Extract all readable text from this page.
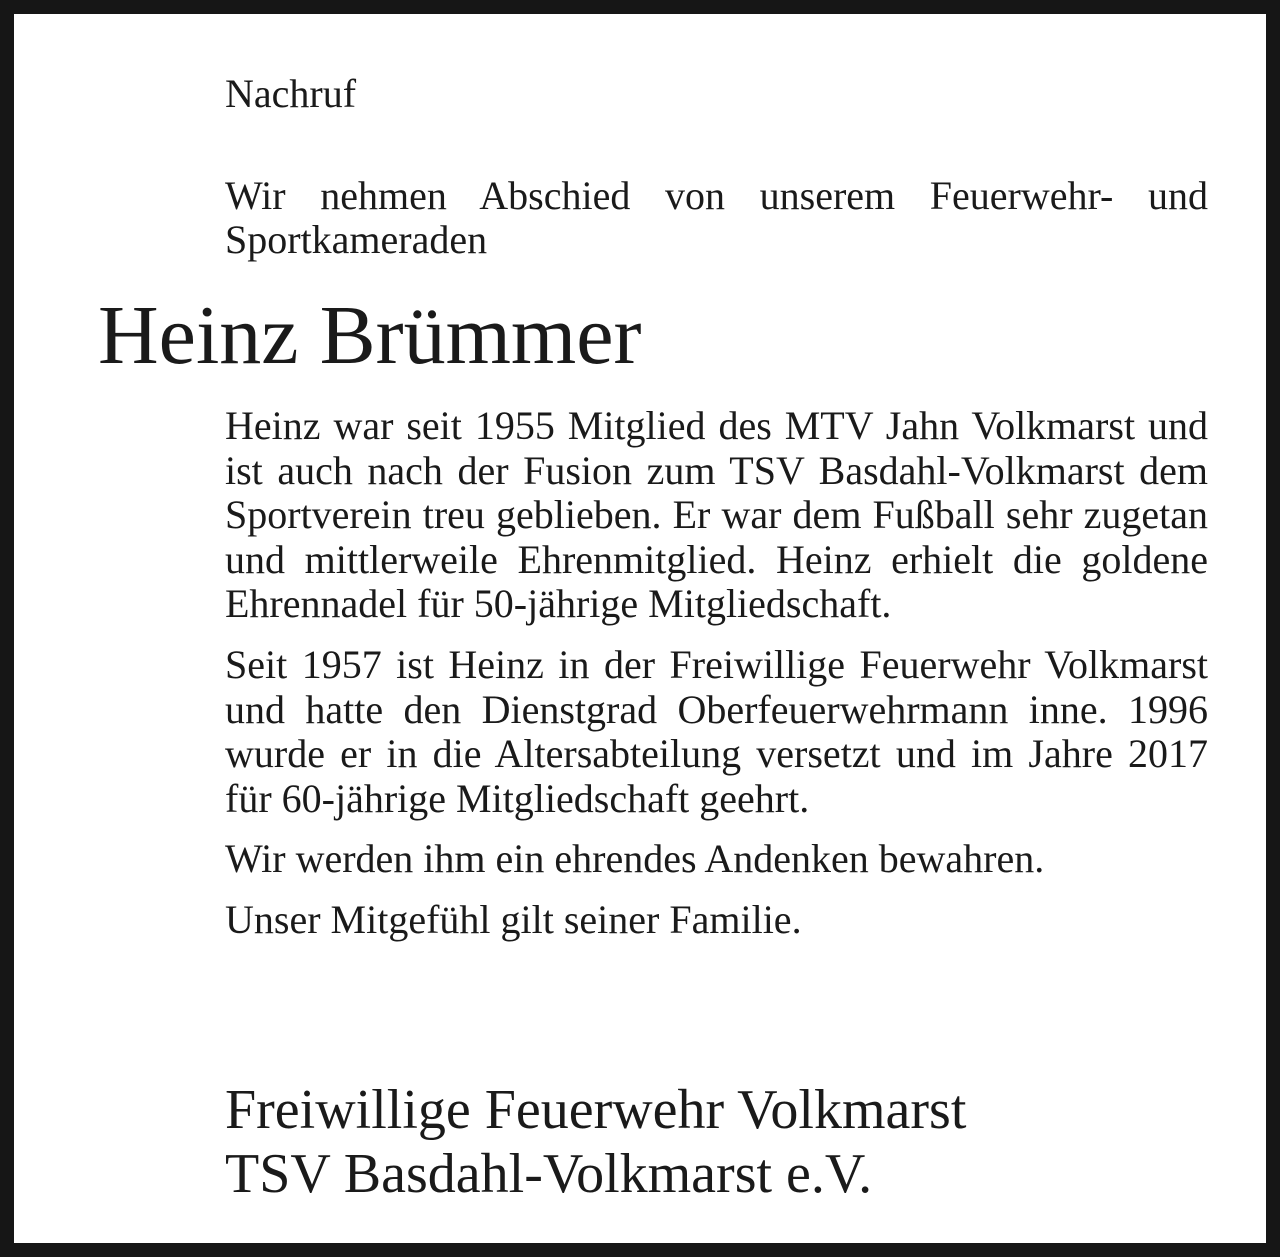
Nachruf

Wir nehmen Abschied von unserem Feuerwehr- und Sportkameraden

Heinz Brümmer

Heinz war seit 1955 Mitglied des MTV Jahn Volkmarst und ist auch nach der Fusion zum TSV Basdahl-Volkmarst dem Sportverein treu geblieben. Er war dem Fußball sehr zugetan und mittlerweile Ehrenmitglied. Heinz erhielt die goldene Ehrennadel für 50-jährige Mitgliedschaft.

Seit 1957 ist Heinz in der Freiwillige Feuerwehr Volkmarst und hatte den Dienstgrad Oberfeuerwehrmann inne. 1996 wurde er in die Altersabteilung versetzt und im Jahre 2017 für 60-jährige Mitgliedschaft geehrt.

Wir werden ihm ein ehrendes Andenken bewahren.

Unser Mitgefühl gilt seiner Familie.

Freiwillige Feuerwehr Volkmarst
TSV Basdahl-Volkmarst e.V.
